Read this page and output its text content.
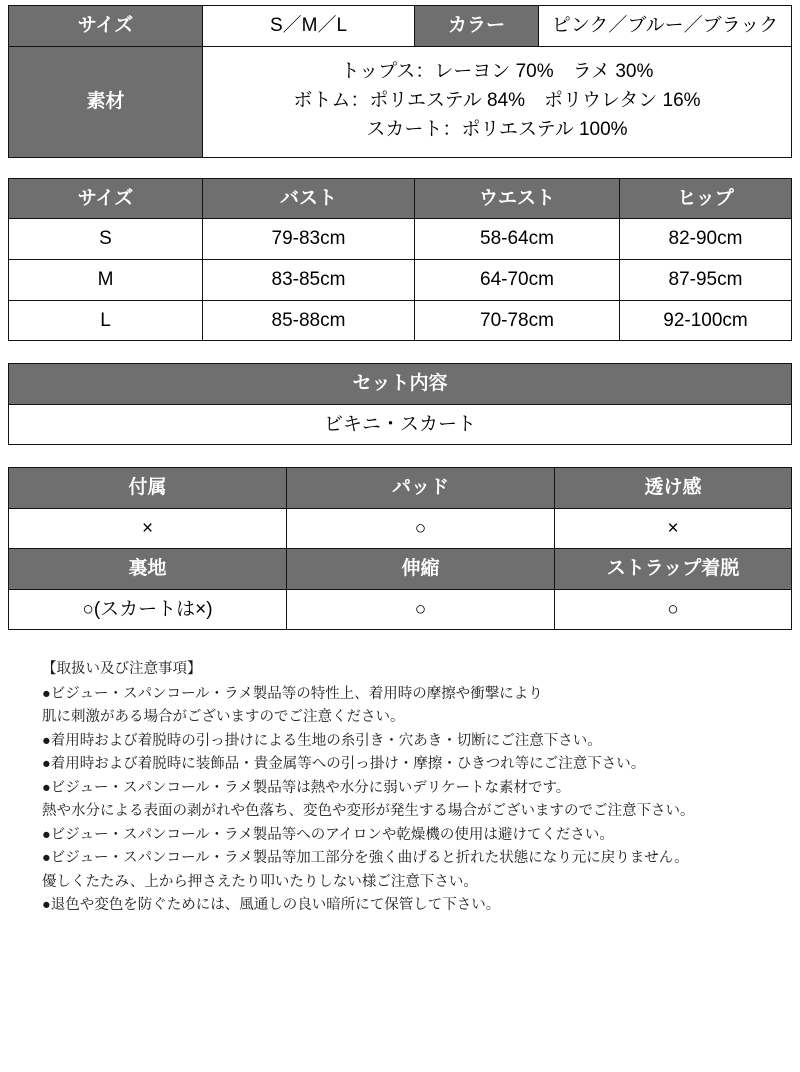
サイズ	S／M／L	カラー	ピンク／ブルー／ブラック
素材	トップス：レーヨン 70%　ラメ 30%
ボトム：ポリエステル 84%　ポリウレタン 16%
スカート：ポリエステル 100%		
サイズ	バスト	ウエスト	ヒップ
S	79-83cm	58-64cm	82-90cm
M	83-85cm	64-70cm	87-95cm
L	85-88cm	70-78cm	92-100cm
セット内容
ビキニ・スカート
付属	パッド	透け感
×	○	×
裏地	伸縮	ストラップ着脱
○(スカートは×)	○	○
【取扱い及び注意事項】
●ビジュー・スパンコール・ラメ製品等の特性上、着用時の摩擦や衝撃により
肌に刺激がある場合がございますのでご注意ください。
●着用時および着脱時の引っ掛けによる生地の糸引き・穴あき・切断にご注意下さい。
●着用時および着脱時に装飾品・貴金属等への引っ掛け・摩擦・ひきつれ等にご注意下さい。
●ビジュー・スパンコール・ラメ製品等は熱や水分に弱いデリケートな素材です。
熱や水分による表面の剥がれや色落ち、変色や変形が発生する場合がございますのでご注意下さい。
●ビジュー・スパンコール・ラメ製品等へのアイロンや乾燥機の使用は避けてください。
●ビジュー・スパンコール・ラメ製品等加工部分を強く曲げると折れた状態になり元に戻りません。
優しくたたみ、上から押さえたり叩いたりしない様ご注意下さい。
●退色や変色を防ぐためには、風通しの良い暗所にて保管して下さい。
